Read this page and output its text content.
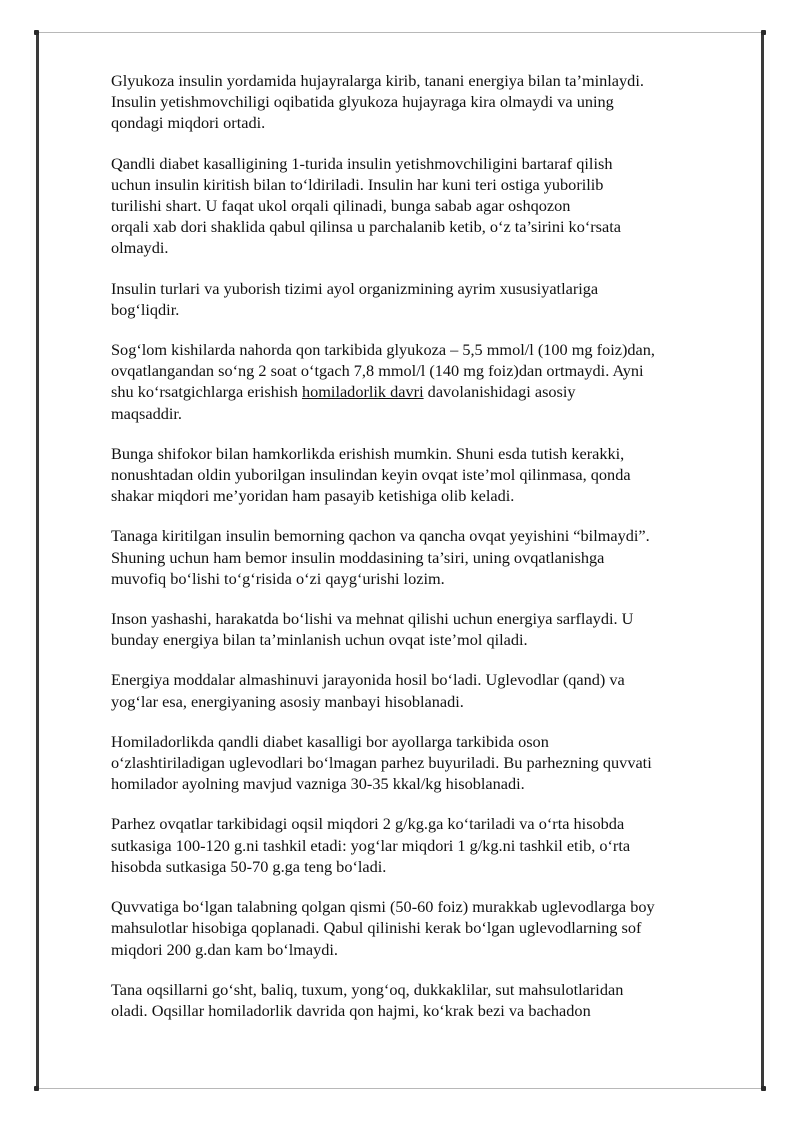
Glyukoza insulin yordamida hujayralarga kirib, tanani energiya bilan ta’minlaydi.
Insulin yetishmovchiligi oqibatida glyukoza hujayraga kira olmaydi va uning
qondagi miqdori ortadi.

Qandli diabet kasalligining 1-turida insulin yetishmovchiligini bartaraf qilish
uchun insulin kiritish bilan to‘ldiriladi. Insulin har kuni teri ostiga yuborilib
turilishi shart. U faqat ukol orqali qilinadi, bunga sabab agar oshqozon
orqali xab dori shaklida qabul qilinsa u parchalanib ketib, o‘z ta’sirini ko‘rsata
olmaydi.

Insulin turlari va yuborish tizimi ayol organizmining ayrim xususiyatlariga
bog‘liqdir.

Sog‘lom kishilarda nahorda qon tarkibida glyukoza – 5,5 mmol/l (100 mg foiz)dan,
ovqatlangandan so‘ng 2 soat o‘tgach 7,8 mmol/l (140 mg foiz)dan ortmaydi. Ayni
shu ko‘rsatgichlarga erishish homiladorlik davri davolanishidagi asosiy
maqsaddir.

Bunga shifokor bilan hamkorlikda erishish mumkin. Shuni esda tutish kerakki,
nonushtadan oldin yuborilgan insulindan keyin ovqat iste’mol qilinmasa, qonda
shakar miqdori me’yoridan ham pasayib ketishiga olib keladi.

Tanaga kiritilgan insulin bemorning qachon va qancha ovqat yeyishini “bilmaydi”.
Shuning uchun ham bemor insulin moddasining ta’siri, uning ovqatlanishga
muvofiq bo‘lishi to‘g‘risida o‘zi qayg‘urishi lozim.

Inson yashashi, harakatda bo‘lishi va mehnat qilishi uchun energiya sarflaydi. U
bunday energiya bilan ta’minlanish uchun ovqat iste’mol qiladi.

Energiya moddalar almashinuvi jarayonida hosil bo‘ladi. Uglevodlar (qand) va
yog‘lar esa, energiyaning asosiy manbayi hisoblanadi.

Homiladorlikda qandli diabet kasalligi bor ayollarga tarkibida oson
o‘zlashtiriladigan uglevodlari bo‘lmagan parhez buyuriladi. Bu parhezning quvvati
homilador ayolning mavjud vazniga 30-35 kkal/kg hisoblanadi.

Parhez ovqatlar tarkibidagi oqsil miqdori 2 g/kg.ga ko‘tariladi va o‘rta hisobda
sutkasiga 100-120 g.ni tashkil etadi: yog‘lar miqdori 1 g/kg.ni tashkil etib, o‘rta
hisobda sutkasiga 50-70 g.ga teng bo‘ladi.

Quvvatiga bo‘lgan talabning qolgan qismi (50-60 foiz) murakkab uglevodlarga boy
mahsulotlar hisobiga qoplanadi. Qabul qilinishi kerak bo‘lgan uglevodlarning sof
miqdori 200 g.dan kam bo‘lmaydi.

Tana oqsillarni go‘sht, baliq, tuxum, yong‘oq, dukkaklilar, sut mahsulotlaridan
oladi. Oqsillar homiladorlik davrida qon hajmi, ko‘krak bezi va bachadon
